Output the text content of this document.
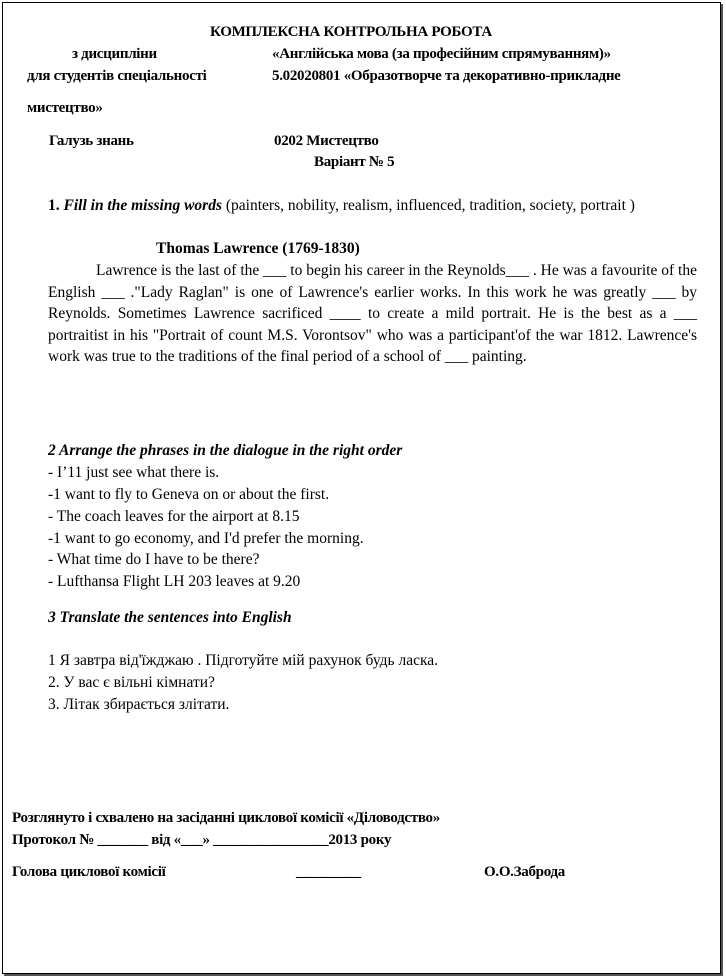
КОМПЛЕКСНА КОНТРОЛЬНА РОБОТА
з дисципліни	«Англійська мова (за професійним спрямуванням)»
для студентів спеціальності	5.02020801 «Образотворче та декоративно-прикладне
мистецтво»
Галузь знань	0202 Мистецтво
Варіант № 5
1. Fill in the missing words (painters, nobility, realism, influenced, tradition, society, portrait )
Thomas Lawrence (1769-1830)
Lawrence is the last of the ___ to begin his career in the Reynolds___ . He was a favourite of the English ___ ."Lady Raglan" is one of Lawrence's earlier works. In this work he was greatly ___ by Reynolds. Sometimes Lawrence sacrificed ____ to create a mild portrait. He is the best as a ___ portraitist in his "Portrait of count M.S. Vorontsov" who was a participant'of the war 1812. Lawrence's work was true to the traditions of the final period of a school of ___ painting.
2 Arrange the phrases in the dialogue in the right order
- I’11 just see what there is.
-1 want to fly to Geneva on or about the first.
- The coach leaves for the airport at 8.15
-1 want to go economy, and I'd prefer the morning.
- What time do I have to be there?
- Lufthansa Flight LH 203 leaves at 9.20
3 Translate the sentences into English
1 Я завтра від'їжджаю . Підготуйте мій рахунок будь ласка.
2. У вас є вільні кімнати?
3. Літак збирається злітати.
Розглянуто і схвалено на засіданні циклової комісії «Діловодство»
Протокол № _______ від «___» ________________2013 року
Голова циклової комісії	_________	О.О.Заброда
